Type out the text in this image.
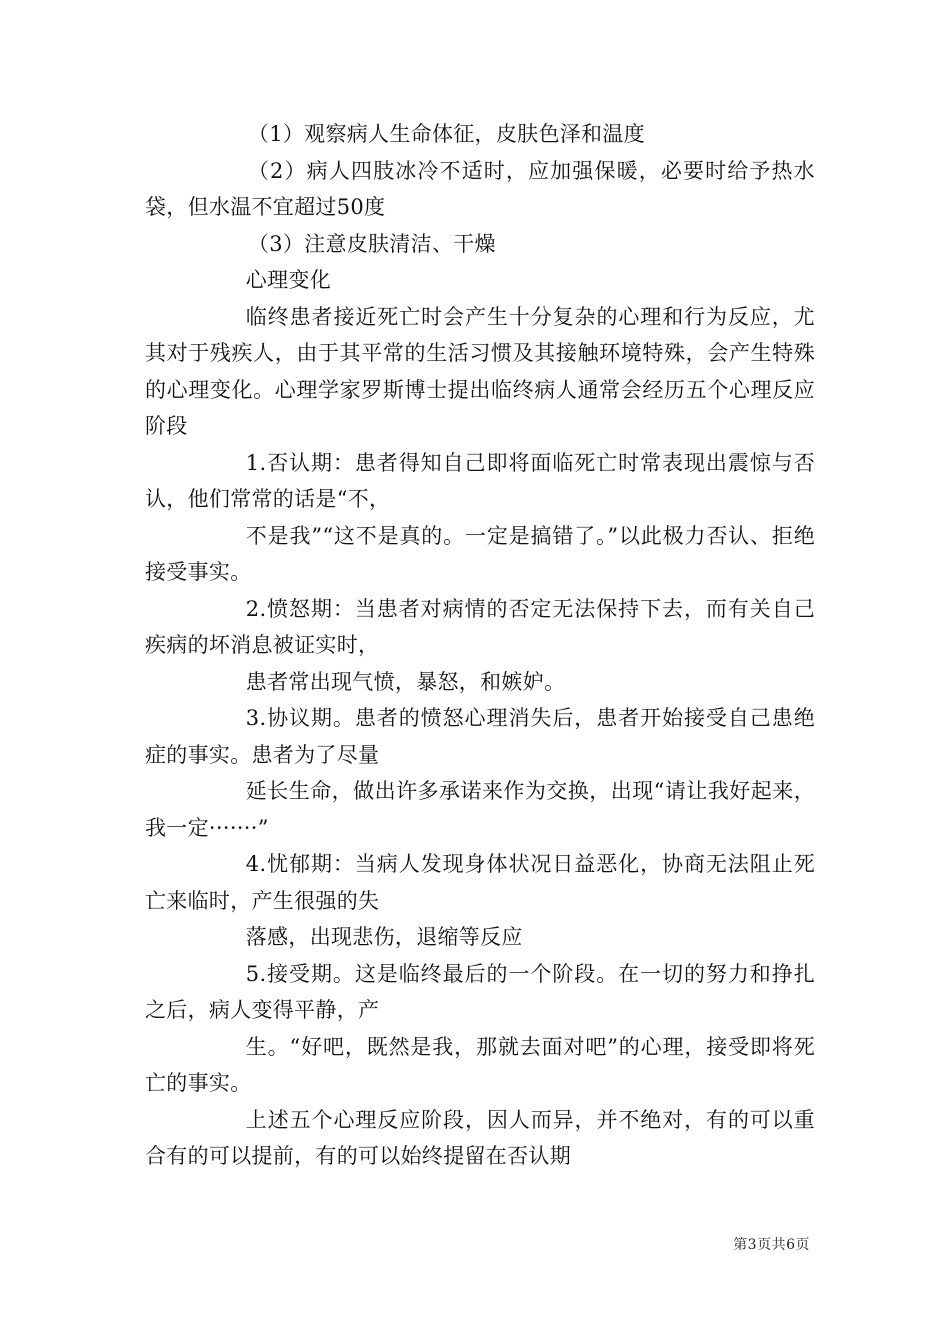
（1）观察病人生命体征，皮肤色泽和温度

（2）病人四肢冰冷不适时，应加强保暖，必要时给予热水袋，但水温不宜超过50度

（3）注意皮肤清洁、干燥

心理变化

临终患者接近死亡时会产生十分复杂的心理和行为反应，尤其对于残疾人，由于其平常的生活习惯及其接触环境特殊，会产生特殊的心理变化。心理学家罗斯博士提出临终病人通常会经历五个心理反应阶段

1.否认期：患者得知自己即将面临死亡时常表现出震惊与否认，他们常常的话是“不，

不是我”“这不是真的。一定是搞错了。”以此极力否认、拒绝接受事实。

2.愤怒期：当患者对病情的否定无法保持下去，而有关自己疾病的坏消息被证实时，

患者常出现气愤，暴怒，和嫉妒。

3.协议期。患者的愤怒心理消失后，患者开始接受自己患绝症的事实。患者为了尽量

延长生命，做出许多承诺来作为交换，出现“请让我好起来，我一定·······”

4.忧郁期：当病人发现身体状况日益恶化，协商无法阻止死亡来临时，产生很强的失

落感，出现悲伤，退缩等反应

5.接受期。这是临终最后的一个阶段。在一切的努力和挣扎之后，病人变得平静，产

生。“好吧，既然是我，那就去面对吧”的心理，接受即将死亡的事实。

上述五个心理反应阶段，因人而异，并不绝对，有的可以重合有的可以提前，有的可以始终提留在否认期

第3页共6页
